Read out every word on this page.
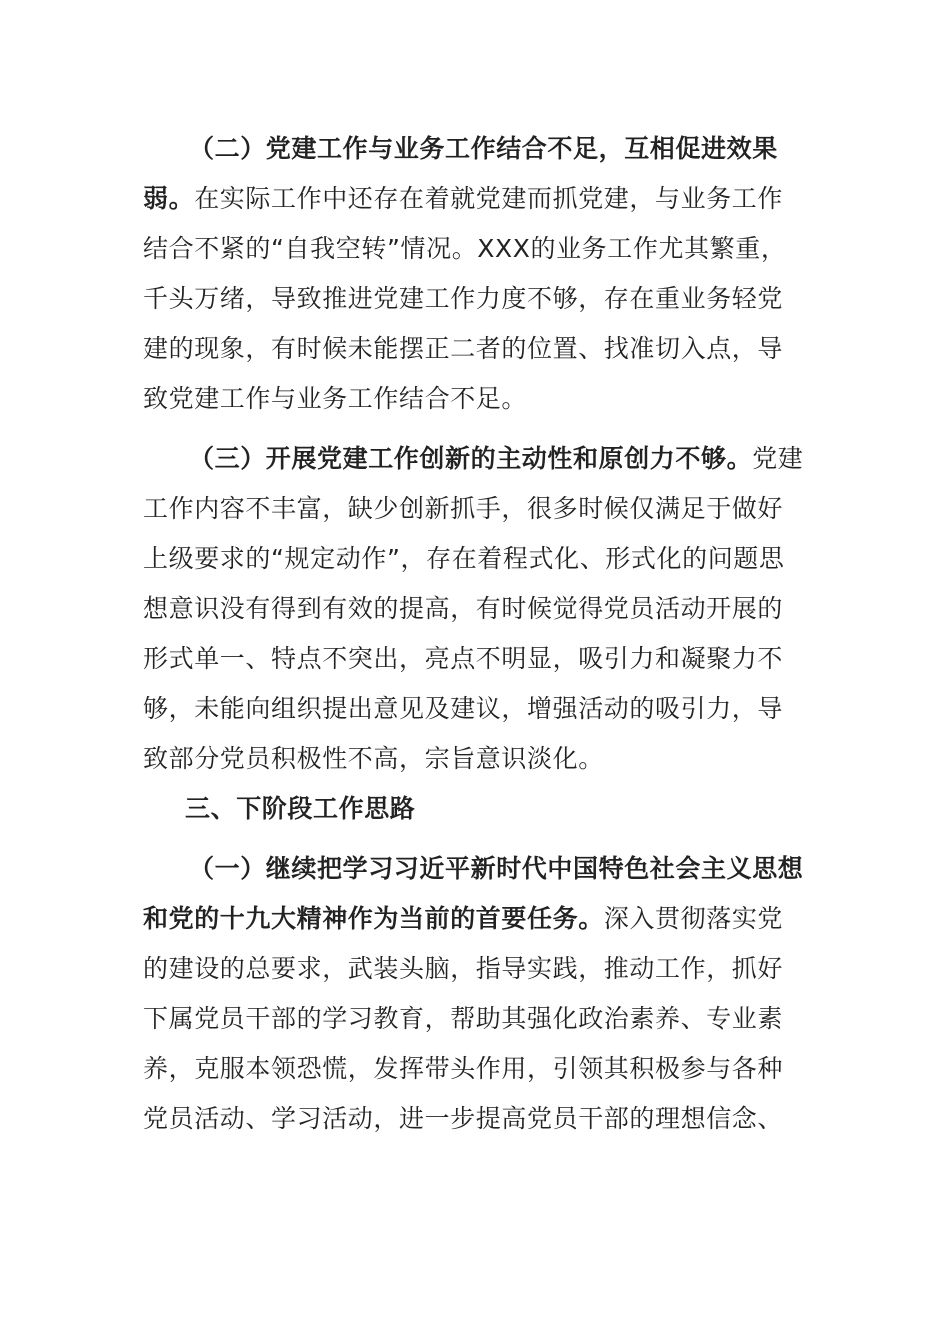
（二）党建工作与业务工作结合不足，互相促进效果弱。在实际工作中还存在着就党建而抓党建，与业务工作结合不紧的“自我空转”情况。XXX的业务工作尤其繁重，千头万绪，导致推进党建工作力度不够，存在重业务轻党建的现象，有时候未能摆正二者的位置、找准切入点，导致党建工作与业务工作结合不足。

（三）开展党建工作创新的主动性和原创力不够。党建工作内容不丰富，缺少创新抓手，很多时候仅满足于做好上级要求的“规定动作”，存在着程式化、形式化的问题思想意识没有得到有效的提高，有时候觉得党员活动开展的形式单一、特点不突出，亮点不明显，吸引力和凝聚力不够，未能向组织提出意见及建议，增强活动的吸引力，导致部分党员积极性不高，宗旨意识淡化。

三、下阶段工作思路

（一）继续把学习习近平新时代中国特色社会主义思想和党的十九大精神作为当前的首要任务。深入贯彻落实党的建设的总要求，武装头脑，指导实践，推动工作，抓好下属党员干部的学习教育，帮助其强化政治素养、专业素养，克服本领恐慌，发挥带头作用，引领其积极参与各种党员活动、学习活动，进一步提高党员干部的理想信念、
